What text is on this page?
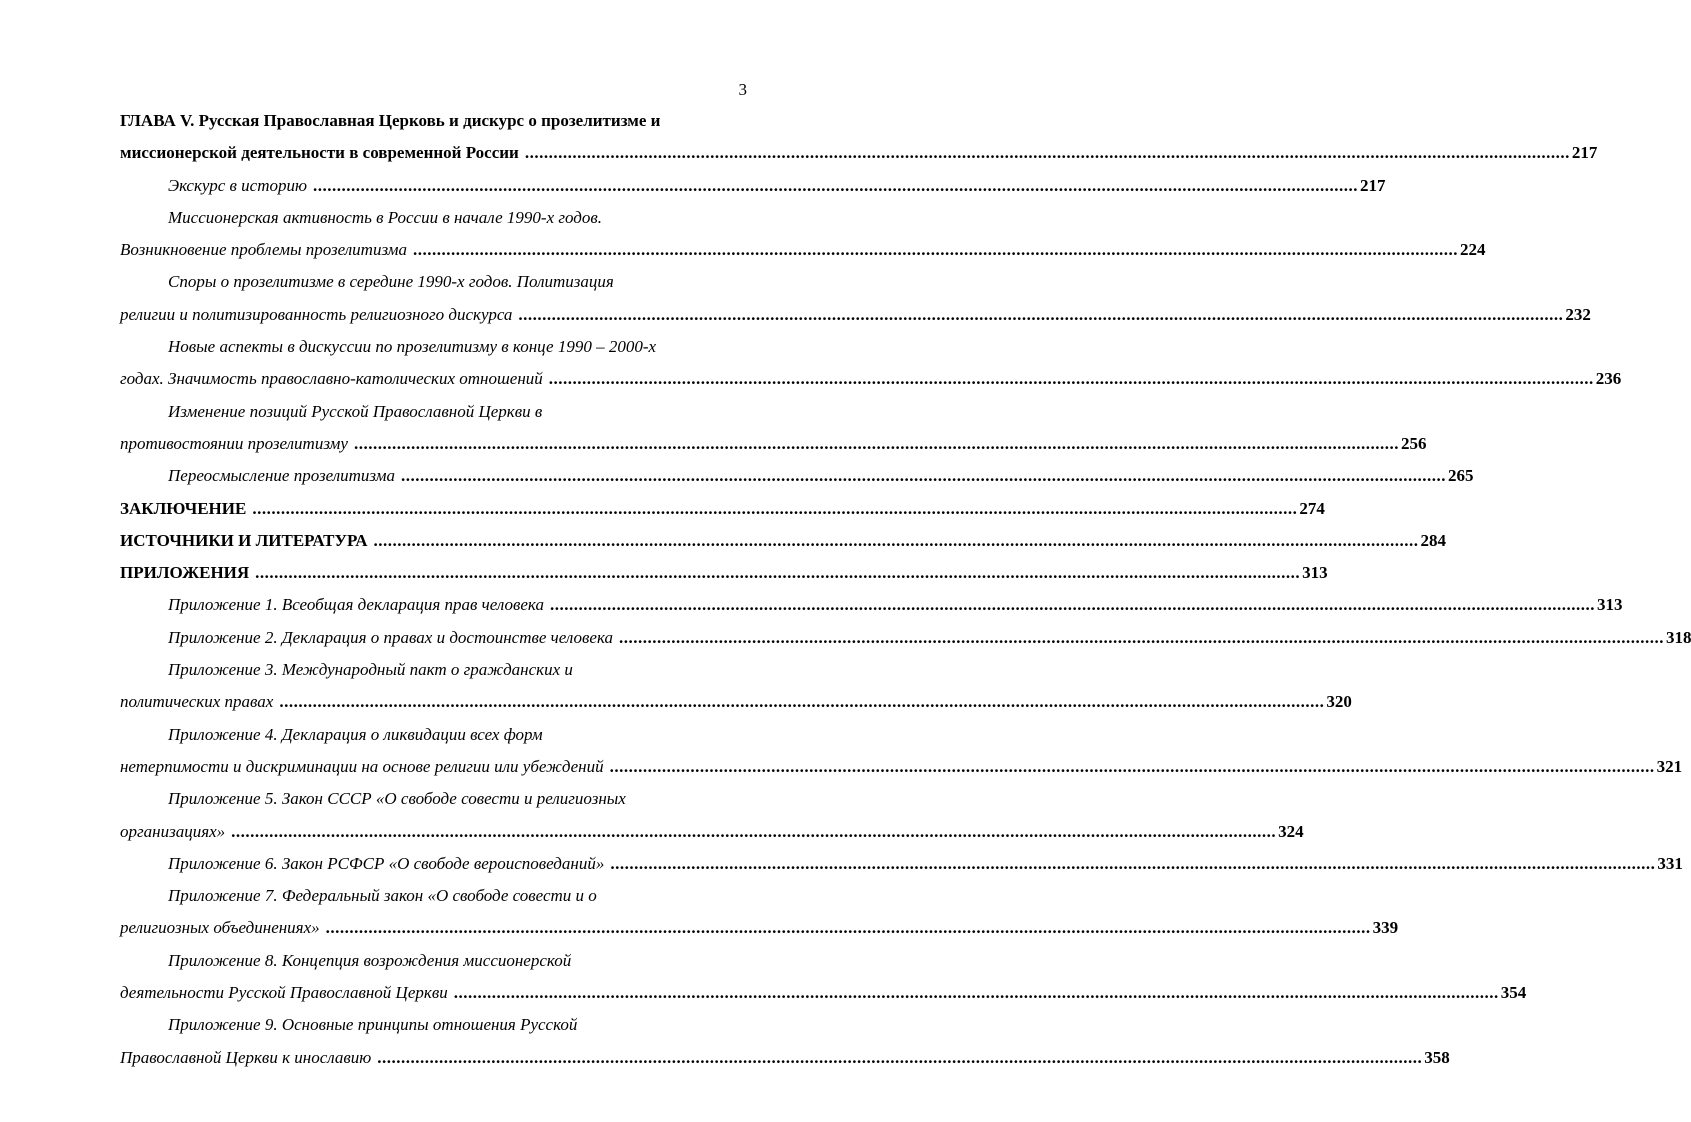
3
ГЛАВА V. Русская Православная Церковь и дискурс о прозелитизме и
миссионерской деятельности в современной России ............................................................................................................................................................................................................................ 217
Экскурс в историю ............................................................................................................................................................................................................................ 217
Миссионерская активность в России в начале 1990-х годов.
Возникновение проблемы прозелитизма ............................................................................................................................................................................................................................ 224
Споры о прозелитизме в середине 1990-х годов. Политизация
религии и политизированность религиозного дискурса ............................................................................................................................................................................................................................ 232
Новые аспекты в дискуссии по прозелитизму в конце 1990 – 2000-х
годах. Значимость православно-католических отношений ............................................................................................................................................................................................................................ 236
Изменение позиций Русской Православной Церкви в
противостоянии прозелитизму ............................................................................................................................................................................................................................ 256
Переосмысление прозелитизма ............................................................................................................................................................................................................................ 265
ЗАКЛЮЧЕНИЕ ............................................................................................................................................................................................................................ 274
ИСТОЧНИКИ И ЛИТЕРАТУРА ............................................................................................................................................................................................................................ 284
ПРИЛОЖЕНИЯ ............................................................................................................................................................................................................................ 313
Приложение 1. Всеобщая декларация прав человека ............................................................................................................................................................................................................................ 313
Приложение 2. Декларация о правах и достоинстве человека ............................................................................................................................................................................................................................ 318
Приложение 3. Международный пакт о гражданских и
политических правах ............................................................................................................................................................................................................................ 320
Приложение 4. Декларация о ликвидации всех форм
нетерпимости и дискриминации на основе религии или убеждений ............................................................................................................................................................................................................................ 321
Приложение 5. Закон СССР «О свободе совести и религиозных
организациях» ............................................................................................................................................................................................................................ 324
Приложение 6. Закон РСФСР «О свободе вероисповеданий» ............................................................................................................................................................................................................................ 331
Приложение 7. Федеральный закон «О свободе совести и о
религиозных объединениях» ............................................................................................................................................................................................................................ 339
Приложение 8. Концепция возрождения миссионерской
деятельности Русской Православной Церкви ............................................................................................................................................................................................................................ 354
Приложение 9. Основные принципы отношения Русской
Православной Церкви к инославию ............................................................................................................................................................................................................................ 358
